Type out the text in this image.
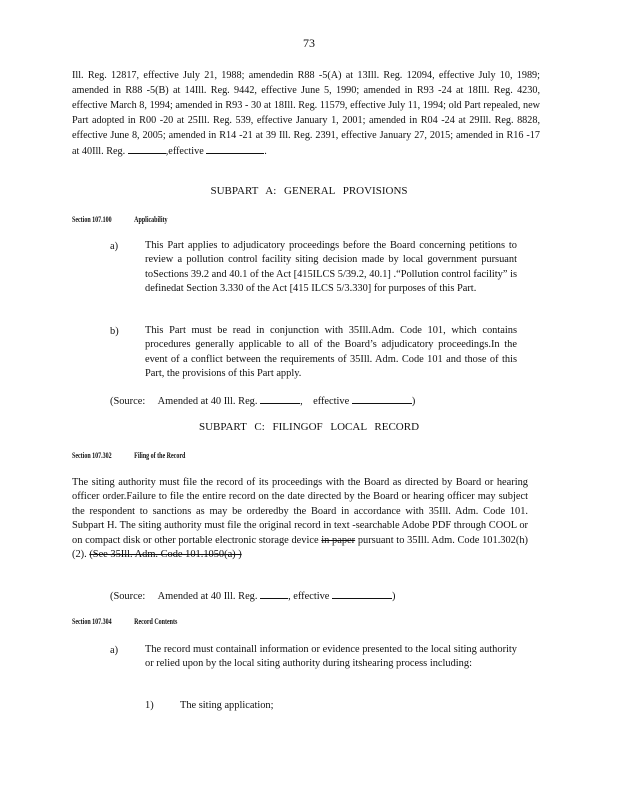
73
Ill. Reg. 12817, effective July 21, 1988; amendedin R88 -5(A) at 13Ill. Reg. 12094, effective July 10, 1989; amended in R88 -5(B) at 14Ill. Reg. 9442, effective June 5, 1990; amended in R93 -24 at 18Ill. Reg. 4230, effective March 8, 1994; amended in R93 - 30 at 18Ill. Reg. 11579, effective July 11, 1994; old Part repealed, new Part adopted in R00 -20 at 25Ill. Reg. 539, effective January 1, 2001; amended in R04 -24 at 29Ill. Reg. 8828, effective June 8, 2005; amended in R14 -21 at 39 Ill. Reg. 2391, effective January 27, 2015; amended in R16 -17 at 40Ill. Reg.	,effective	.
SUBPART A: GENERAL PROVISIONS
Section 107.100	Applicability
a)	This Part applies to adjudicatory proceedings before the Board concerning petitions to review a pollution control facility siting decision made by local government pursuant toSections 39.2 and 40.1 of the Act [415ILCS 5/39.2, 40.1] .“Pollution control facility” is definedat Section 3.330 of the Act [415 ILCS 5/3.330] for purposes of this Part.
b)	This Part must be read in conjunction with 35Ill.Adm. Code 101, which contains procedures generally applicable to all of the Board’s adjudicatory proceedings.In the event of a conflict between the requirements of 35Ill. Adm. Code 101 and those of this Part, the provisions of this Part apply.
(Source: Amended at 40 Ill. Reg.	, effective	)
SUBPART C: FILINGOF LOCAL RECORD
Section 107.302	Filing of the Record
The siting authority must file the record of its proceedings with the Board as directed by Board or hearing officer order.Failure to file the entire record on the date directed by the Board or hearing officer may subject the respondent to sanctions as may be orderedby the Board in accordance with 35Ill. Adm. Code 101. Subpart H. The siting authority must file the original record in text -searchable Adobe PDF through COOL or on compact disk or other portable electronic storage device in paper pursuant to 35Ill. Adm. Code 101.302(h)(2). (See 35Ill. Adm. Code 101.1050(a) )
(Source: Amended at 40 Ill. Reg.	, effective	)
Section 107.304	Record Contents
a)	The record must containall information or evidence presented to the local siting authority or relied upon by the local siting authority during itshearing process including:
1)	The siting application;
